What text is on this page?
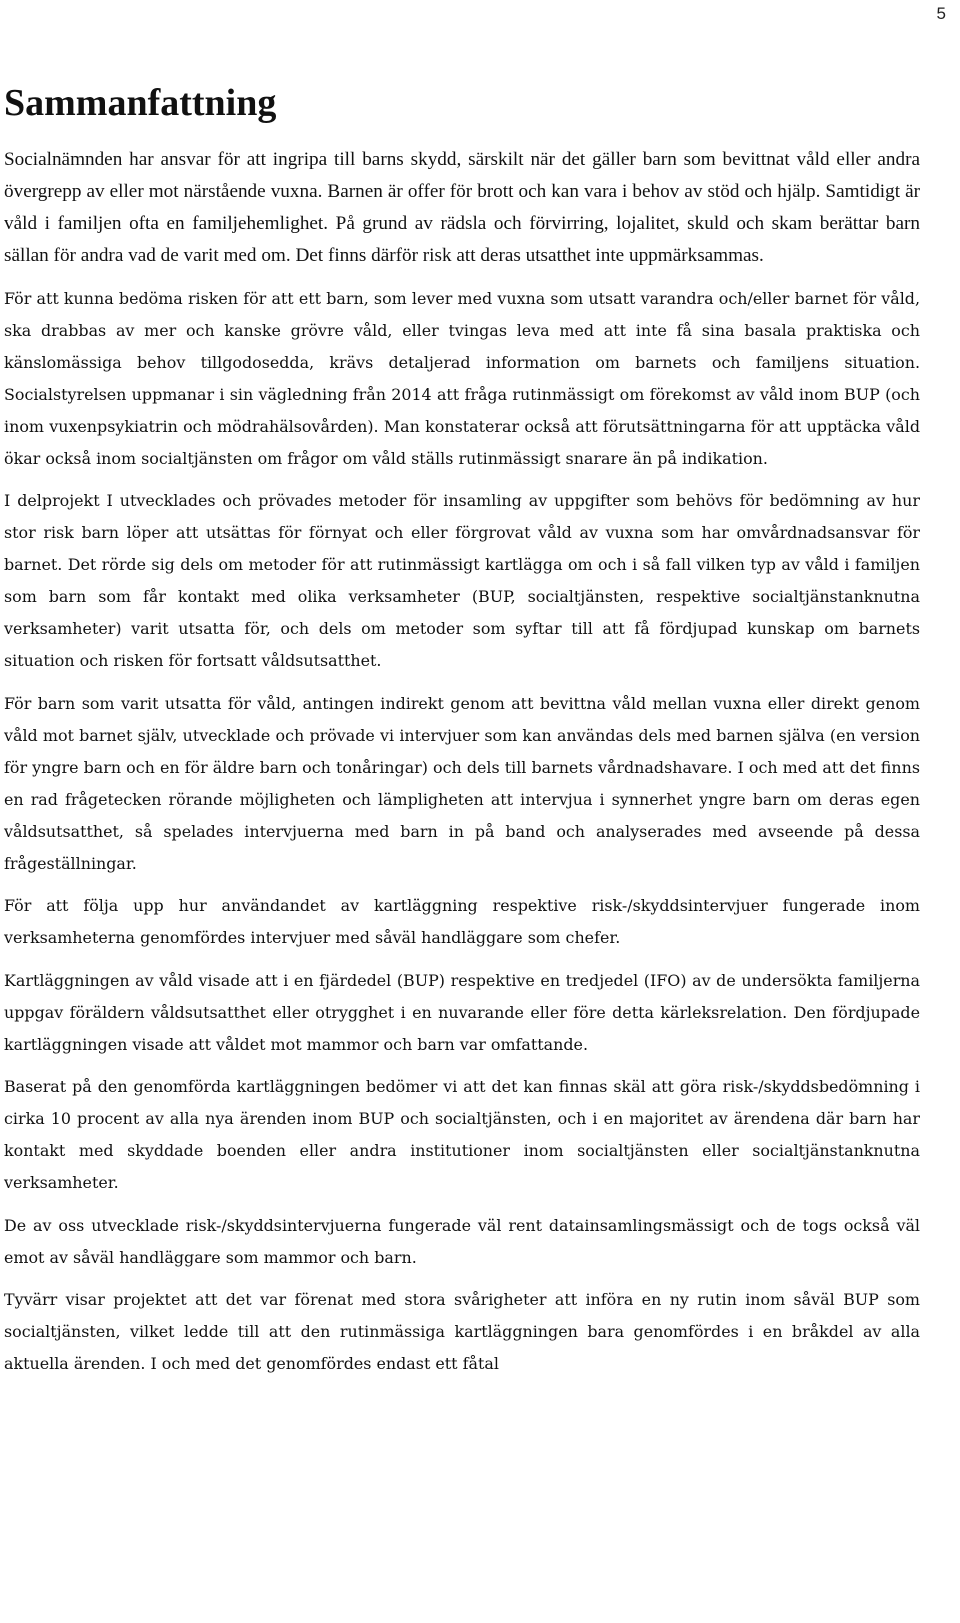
5
Sammanfattning

Socialnämnden har ansvar för att ingripa till barns skydd, särskilt när det gäller barn som bevittnat våld eller andra övergrepp av eller mot närstående vuxna. Barnen är offer för brott och kan vara i behov av stöd och hjälp. Samtidigt är våld i familjen ofta en familjehemlighet. På grund av rädsla och förvirring, lojalitet, skuld och skam berättar barn sällan för andra vad de varit med om. Det finns därför risk att deras utsatthet inte uppmärksammas.

För att kunna bedöma risken för att ett barn, som lever med vuxna som utsatt varandra och/eller barnet för våld, ska drabbas av mer och kanske grövre våld, eller tvingas leva med att inte få sina basala praktiska och känslomässiga behov tillgodosedda, krävs detaljerad information om barnets och familjens situation. Socialstyrelsen uppmanar i sin vägledning från 2014 att fråga rutinmässigt om förekomst av våld inom BUP (och inom vuxenpsykiatrin och mödrahälsovården). Man konstaterar också att förutsättningarna för att upptäcka våld ökar också inom socialtjänsten om frågor om våld ställs rutinmässigt snarare än på indikation.

I delprojekt I utvecklades och prövades metoder för insamling av uppgifter som behövs för bedömning av hur stor risk barn löper att utsättas för förnyat och eller förgrovat våld av vuxna som har omvårdnadsansvar för barnet. Det rörde sig dels om metoder för att rutinmässigt kartlägga om och i så fall vilken typ av våld i familjen som barn som får kontakt med olika verksamheter (BUP, socialtjänsten, respektive socialtjänstanknutna verksamheter) varit utsatta för, och dels om metoder som syftar till att få fördjupad kunskap om barnets situation och risken för fortsatt våldsutsatthet.

För barn som varit utsatta för våld, antingen indirekt genom att bevittna våld mellan vuxna eller direkt genom våld mot barnet själv, utvecklade och prövade vi intervjuer som kan användas dels med barnen själva (en version för yngre barn och en för äldre barn och tonåringar) och dels till barnets vårdnadshavare. I och med att det finns en rad frågetecken rörande möjligheten och lämpligheten att intervjua i synnerhet yngre barn om deras egen våldsutsatthet, så spelades intervjuerna med barn in på band och analyserades med avseende på dessa frågeställningar.

För att följa upp hur användandet av kartläggning respektive risk-/skyddsintervjuer fungerade inom verksamheterna genomfördes intervjuer med såväl handläggare som chefer.

Kartläggningen av våld visade att i en fjärdedel (BUP) respektive en tredjedel (IFO) av de undersökta familjerna uppgav föräldern våldsutsatthet eller otrygghet i en nuvarande eller före detta kärleksrelation. Den fördjupade kartläggningen visade att våldet mot mammor och barn var omfattande.

Baserat på den genomförda kartläggningen bedömer vi att det kan finnas skäl att göra risk-/skyddsbedömning i cirka 10 procent av alla nya ärenden inom BUP och socialtjänsten, och i en majoritet av ärendena där barn har kontakt med skyddade boenden eller andra institutioner inom socialtjänsten eller socialtjänstanknutna verksamheter.

De av oss utvecklade risk-/skyddsintervjuerna fungerade väl rent datainsamlingsmässigt och de togs också väl emot av såväl handläggare som mammor och barn.

Tyvärr visar projektet att det var förenat med stora svårigheter att införa en ny rutin inom såväl BUP som socialtjänsten, vilket ledde till att den rutinmässiga kartläggningen bara genomfördes i en bråkdel av alla aktuella ärenden. I och med det genomfördes endast ett fåtal
